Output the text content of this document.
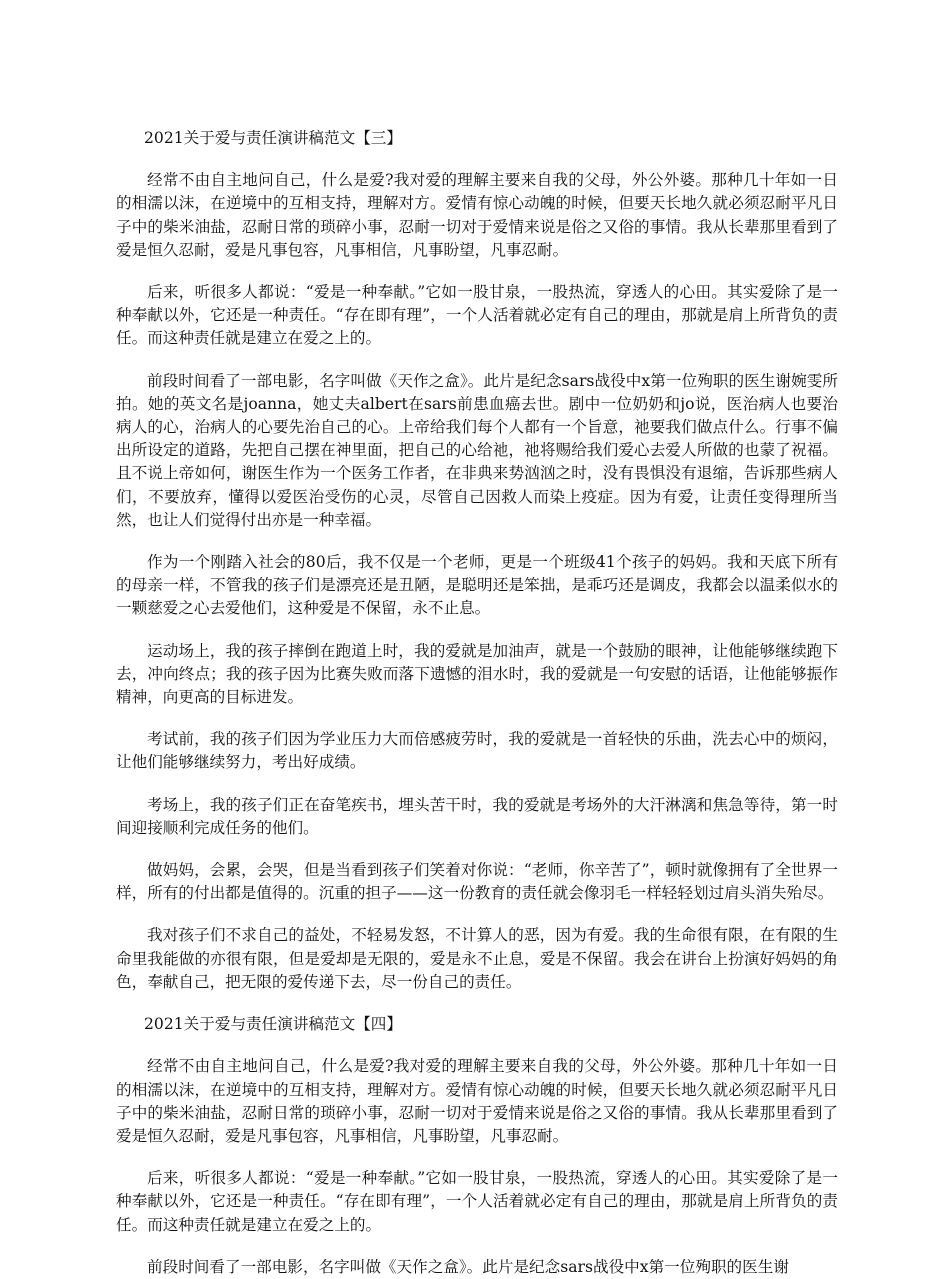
2021关于爱与责任演讲稿范文【三】

经常不由自主地问自己，什么是爱?我对爱的理解主要来自我的父母，外公外婆。那种几十年如一日的相濡以沫，在逆境中的互相支持，理解对方。爱情有惊心动魄的时候，但要天长地久就必须忍耐平凡日子中的柴米油盐，忍耐日常的琐碎小事，忍耐一切对于爱情来说是俗之又俗的事情。我从长辈那里看到了爱是恒久忍耐，爱是凡事包容，凡事相信，凡事盼望，凡事忍耐。

后来，听很多人都说：“爱是一种奉献。”它如一股甘泉，一股热流，穿透人的心田。其实爱除了是一种奉献以外，它还是一种责任。“存在即有理”，一个人活着就必定有自己的理由，那就是肩上所背负的责任。而这种责任就是建立在爱之上的。

前段时间看了一部电影，名字叫做《天作之盒》。此片是纪念sars战役中x第一位殉职的医生谢婉雯所拍。她的英文名是joanna，她丈夫albert在sars前患血癌去世。剧中一位奶奶和jo说，医治病人也要治病人的心，治病人的心要先治自己的心。上帝给我们每个人都有一个旨意，祂要我们做点什么。行事不偏出所设定的道路，先把自己摆在神里面，把自己的心给祂，祂将赐给我们爱心去爱人所做的也蒙了祝福。且不说上帝如何，谢医生作为一个医务工作者，在非典来势汹汹之时，没有畏惧没有退缩，告诉那些病人们，不要放弃，懂得以爱医治受伤的心灵，尽管自己因救人而染上疫症。因为有爱，让责任变得理所当然，也让人们觉得付出亦是一种幸福。

作为一个刚踏入社会的80后，我不仅是一个老师，更是一个班级41个孩子的妈妈。我和天底下所有的母亲一样，不管我的孩子们是漂亮还是丑陋，是聪明还是笨拙，是乖巧还是调皮，我都会以温柔似水的一颗慈爱之心去爱他们，这种爱是不保留，永不止息。

运动场上，我的孩子摔倒在跑道上时，我的爱就是加油声，就是一个鼓励的眼神，让他能够继续跑下去，冲向终点；我的孩子因为比赛失败而落下遗憾的泪水时，我的爱就是一句安慰的话语，让他能够振作精神，向更高的目标进发。

考试前，我的孩子们因为学业压力大而倍感疲劳时，我的爱就是一首轻快的乐曲，洗去心中的烦闷，让他们能够继续努力，考出好成绩。

考场上，我的孩子们正在奋笔疾书，埋头苦干时，我的爱就是考场外的大汗淋漓和焦急等待，第一时间迎接顺利完成任务的他们。

做妈妈，会累，会哭，但是当看到孩子们笑着对你说：“老师，你辛苦了”，顿时就像拥有了全世界一样，所有的付出都是值得的。沉重的担子——这一份教育的责任就会像羽毛一样轻轻划过肩头消失殆尽。

我对孩子们不求自己的益处，不轻易发怒，不计算人的恶，因为有爱。我的生命很有限，在有限的生命里我能做的亦很有限，但是爱却是无限的，爱是永不止息，爱是不保留。我会在讲台上扮演好妈妈的角色，奉献自己，把无限的爱传递下去，尽一份自己的责任。

2021关于爱与责任演讲稿范文【四】

经常不由自主地问自己，什么是爱?我对爱的理解主要来自我的父母，外公外婆。那种几十年如一日的相濡以沫，在逆境中的互相支持，理解对方。爱情有惊心动魄的时候，但要天长地久就必须忍耐平凡日子中的柴米油盐，忍耐日常的琐碎小事，忍耐一切对于爱情来说是俗之又俗的事情。我从长辈那里看到了爱是恒久忍耐，爱是凡事包容，凡事相信，凡事盼望，凡事忍耐。

后来，听很多人都说：“爱是一种奉献。”它如一股甘泉，一股热流，穿透人的心田。其实爱除了是一种奉献以外，它还是一种责任。“存在即有理”，一个人活着就必定有自己的理由，那就是肩上所背负的责任。而这种责任就是建立在爱之上的。

前段时间看了一部电影，名字叫做《天作之盒》。此片是纪念sars战役中x第一位殉职的医生谢
